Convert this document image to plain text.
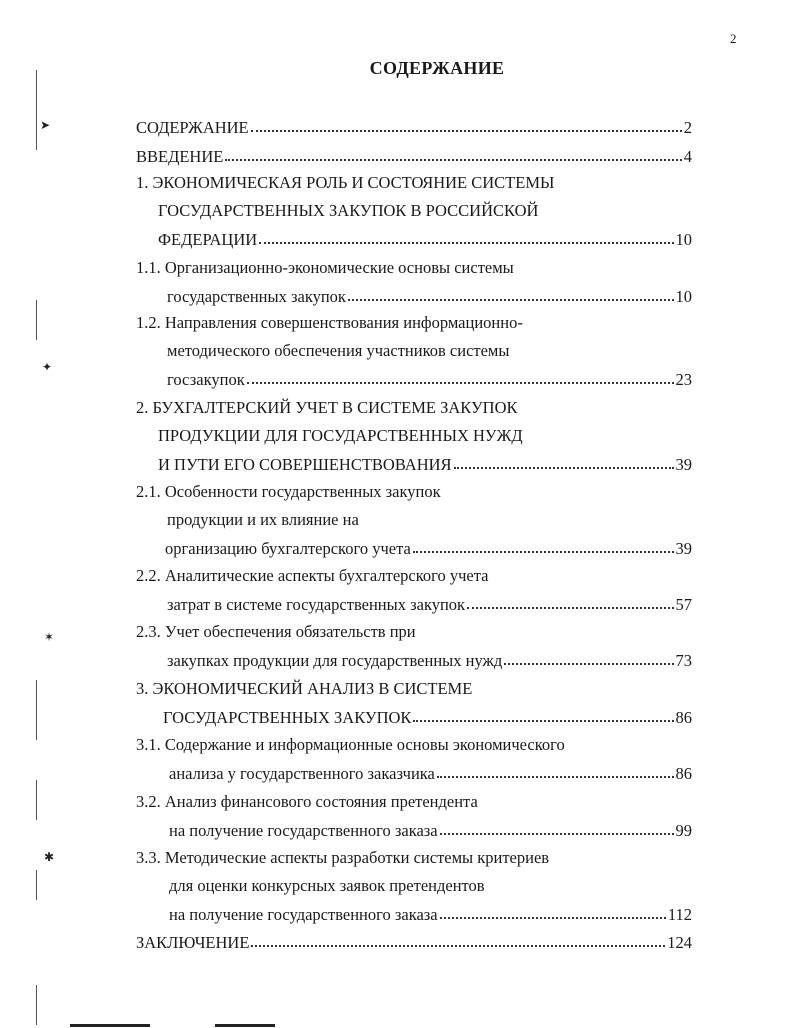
2
СОДЕРЖАНИЕ
➤
✦
✶
✱
СОДЕРЖАНИЕ	2
ВВЕДЕНИЕ	4
1. ЭКОНОМИЧЕСКАЯ РОЛЬ И СОСТОЯНИЕ СИСТЕМЫ
ГОСУДАРСТВЕННЫХ ЗАКУПОК В РОССИЙСКОЙ
ФЕДЕРАЦИИ	10
1.1. Организационно-экономические основы системы
государственных закупок	10
1.2. Направления совершенствования информационно-
методического обеспечения участников системы
госзакупок	23
2. БУХГАЛТЕРСКИЙ УЧЕТ В СИСТЕМЕ ЗАКУПОК
ПРОДУКЦИИ ДЛЯ ГОСУДАРСТВЕННЫХ НУЖД
И ПУТИ ЕГО СОВЕРШЕНСТВОВАНИЯ	39
2.1. Особенности государственных закупок
продукции и их влияние на
организацию бухгалтерского учета	39
2.2. Аналитические аспекты бухгалтерского учета
затрат в системе государственных закупок	57
2.3. Учет обеспечения обязательств при
закупках продукции для государственных нужд	73
3. ЭКОНОМИЧЕСКИЙ АНАЛИЗ В СИСТЕМЕ
ГОСУДАРСТВЕННЫХ ЗАКУПОК	86
3.1. Содержание и информационные основы экономического
анализа у государственного заказчика	86
3.2. Анализ финансового состояния претендента
на получение государственного заказа	99
3.3. Методические аспекты разработки системы критериев
для оценки конкурсных заявок претендентов
на получение государственного заказа	112
ЗАКЛЮЧЕНИЕ	124
